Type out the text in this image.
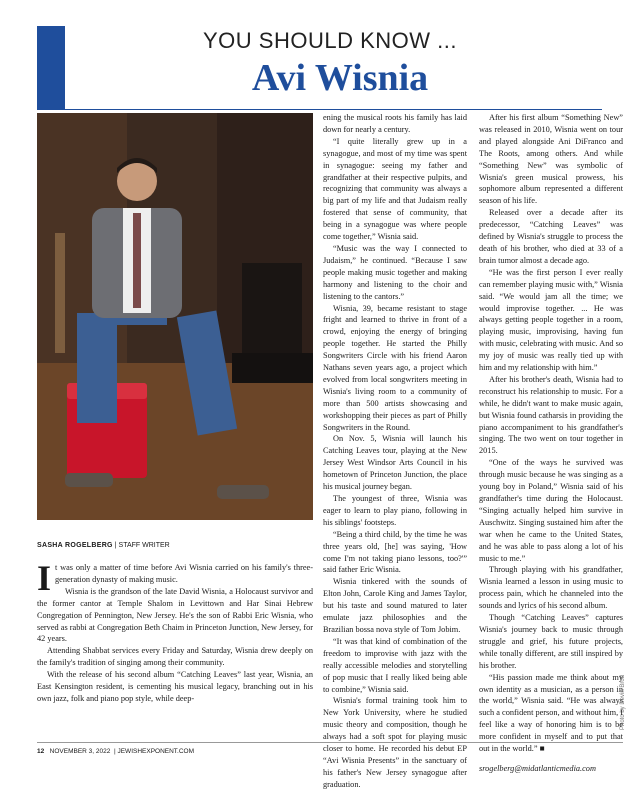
YOU SHOULD KNOW ...
Avi Wisnia
Photo by Devin Brod
SASHA ROGELBERG | STAFF WRITER

It was only a matter of time before Avi Wisnia carried on his family's three-generation dynasty of making music.

Wisnia is the grandson of the late David Wisnia, a Holocaust survivor and the former cantor at Temple Shalom in Levittown and Har Sinai Hebrew Congregation of Pennington, New Jersey. He's the son of Rabbi Eric Wisnia, who served as rabbi at Congregation Beth Chaim in Princeton Junction, New Jersey, for 42 years.

Attending Shabbat services every Friday and Saturday, Wisnia drew deeply on the family's tradition of singing among their community.

With the release of his second album “Catching Leaves” last year, Wisnia, an East Kensington resident, is cementing his musical legacy, branching out in his own jazz, folk and piano pop style, while deep-

ening the musical roots his family has laid down for nearly a century.

“I quite literally grew up in a synagogue, and most of my time was spent in synagogue: seeing my father and grandfather at their respective pulpits, and recognizing that community was always a big part of my life and that Judaism really fostered that sense of community, that being in a synagogue was where people come together,” Wisnia said.

“Music was the way I connected to Judaism,” he continued. “Because I saw people making music together and making harmony and listening to the choir and listening to the cantors.”

Wisnia, 39, became resistant to stage fright and learned to thrive in front of a crowd, enjoying the energy of bringing people together. He started the Philly Songwriters Circle with his friend Aaron Nathans seven years ago, a project which evolved from local songwriters meeting in Wisnia's living room to a community of more than 500 artists showcasing and workshopping their pieces as part of Philly Songwriters in the Round.

On Nov. 5, Wisnia will launch his Catching Leaves tour, playing at the New Jersey West Windsor Arts Council in his hometown of Princeton Junction, the place his musical journey began.

The youngest of three, Wisnia was eager to learn to play piano, following in his siblings' footsteps.

“Being a third child, by the time he was three years old, [he] was saying, 'How come I'm not taking piano lessons, too?'” said father Eric Wisnia.

Wisnia tinkered with the sounds of Elton John, Carole King and James Taylor, but his taste and sound matured to later emulate jazz philosophies and the Brazilian bossa nova style of Tom Jobim.

“It was that kind of combination of the freedom to improvise with jazz with the really accessible melodies and storytelling of pop music that I really liked being able to combine,” Wisnia said.

Wisnia's formal training took him to New York University, where he studied music theory and composition, though he always had a soft spot for playing music closer to home. He recorded his debut EP “Avi Wisnia Presents” in the sanctuary of his father's New Jersey synagogue after graduation.

After his first album “Something New” was released in 2010, Wisnia went on tour and played alongside Ani DiFranco and The Roots, among others. And while “Something New” was symbolic of Wisnia's green musical prowess, his sophomore album represented a different season of his life.

Released over a decade after its predecessor, “Catching Leaves” was defined by Wisnia's struggle to process the death of his brother, who died at 33 of a brain tumor almost a decade ago.

“He was the first person I ever really can remember playing music with,” Wisnia said. “We would jam all the time; we would improvise together. ... He was always getting people together in a room, playing music, improvising, having fun with music, celebrating with music. And so my joy of music was really tied up with him and my relationship with him.”

After his brother's death, Wisnia had to reconstruct his relationship to music. For a while, he didn't want to make music again, but Wisnia found catharsis in providing the piano accompaniment to his grandfather's singing. The two went on tour together in 2015.

“One of the ways he survived was through music because he was singing as a young boy in Poland,” Wisnia said of his grandfather's time during the Holocaust. “Singing actually helped him survive in Auschwitz. Singing sustained him after the war when he came to the United States, and he was able to pass along a lot of his music to me.”

Through playing with his grandfather, Wisnia learned a lesson in using music to process pain, which he channeled into the sounds and lyrics of his second album.

Though “Catching Leaves” captures Wisnia's journey back to music through struggle and grief, his future projects, while tonally different, are still inspired by his brother.

“His passion made me think about my own identity as a musician, as a person in the world,” Wisnia said. “He was always such a confident person, and without him, I feel like a way of honoring him is to be more confident in myself and to put that out in the world.” ■

srogelberg@midatlanticmedia.com

12 NOVEMBER 3, 2022  | JEWISHEXPONENT.COM
